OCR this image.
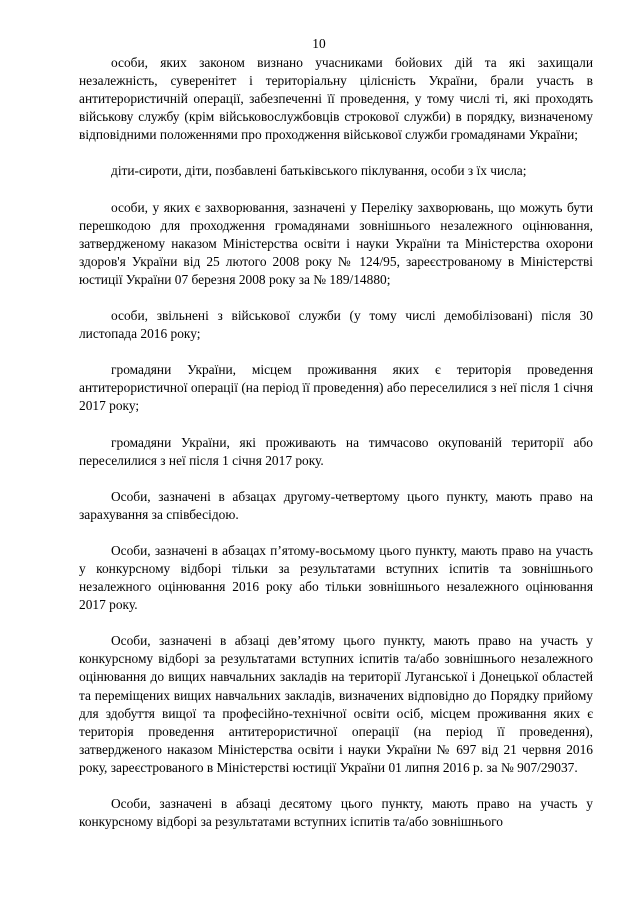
10

особи, яких законом визнано учасниками бойових дій та які захищали незалежність, суверенітет і територіальну цілісність України, брали участь в антитерористичній операції, забезпеченні її проведення, у тому числі ті, які проходять військову службу (крім військовослужбовців строкової служби) в порядку, визначеному відповідними положеннями про проходження військової служби громадянами України;

діти-сироти, діти, позбавлені батьківського піклування, особи з їх числа;

особи, у яких є захворювання, зазначені у Переліку захворювань, що можуть бути перешкодою для проходження громадянами зовнішнього незалежного оцінювання, затвердженому наказом Міністерства освіти і науки України та Міністерства охорони здоров'я України від 25 лютого 2008 року № 124/95, зареєстрованому в Міністерстві юстиції України 07 березня 2008 року за № 189/14880;

особи, звільнені з військової служби (у тому числі демобілізовані) після 30 листопада 2016 року;

громадяни України, місцем проживання яких є територія проведення антитерористичної операції (на період її проведення) або переселилися з неї після 1 січня 2017 року;

громадяни України, які проживають на тимчасово окупованій території або переселилися з неї після 1 січня 2017 року.

Особи, зазначені в абзацах другому-четвертому цього пункту, мають право на зарахування за співбесідою.

Особи, зазначені в абзацах п’ятому-восьмому цього пункту, мають право на участь у конкурсному відборі тільки за результатами вступних іспитів та зовнішнього незалежного оцінювання 2016 року або тільки зовнішнього незалежного оцінювання 2017 року.

Особи, зазначені в абзаці дев’ятому цього пункту, мають право на участь у конкурсному відборі за результатами вступних іспитів та/або зовнішнього незалежного оцінювання до вищих навчальних закладів на території Луганської і Донецької областей та переміщених вищих навчальних закладів, визначених відповідно до Порядку прийому для здобуття вищої та професійно-технічної освіти осіб, місцем проживання яких є територія проведення антитерористичної операції (на період її проведення), затвердженого наказом Міністерства освіти і науки України № 697 від 21 червня 2016 року, зареєстрованого в Міністерстві юстиції України 01 липня 2016 р. за № 907/29037.

Особи, зазначені в абзаці десятому цього пункту, мають право на участь у конкурсному відборі за результатами вступних іспитів та/або зовнішнього
